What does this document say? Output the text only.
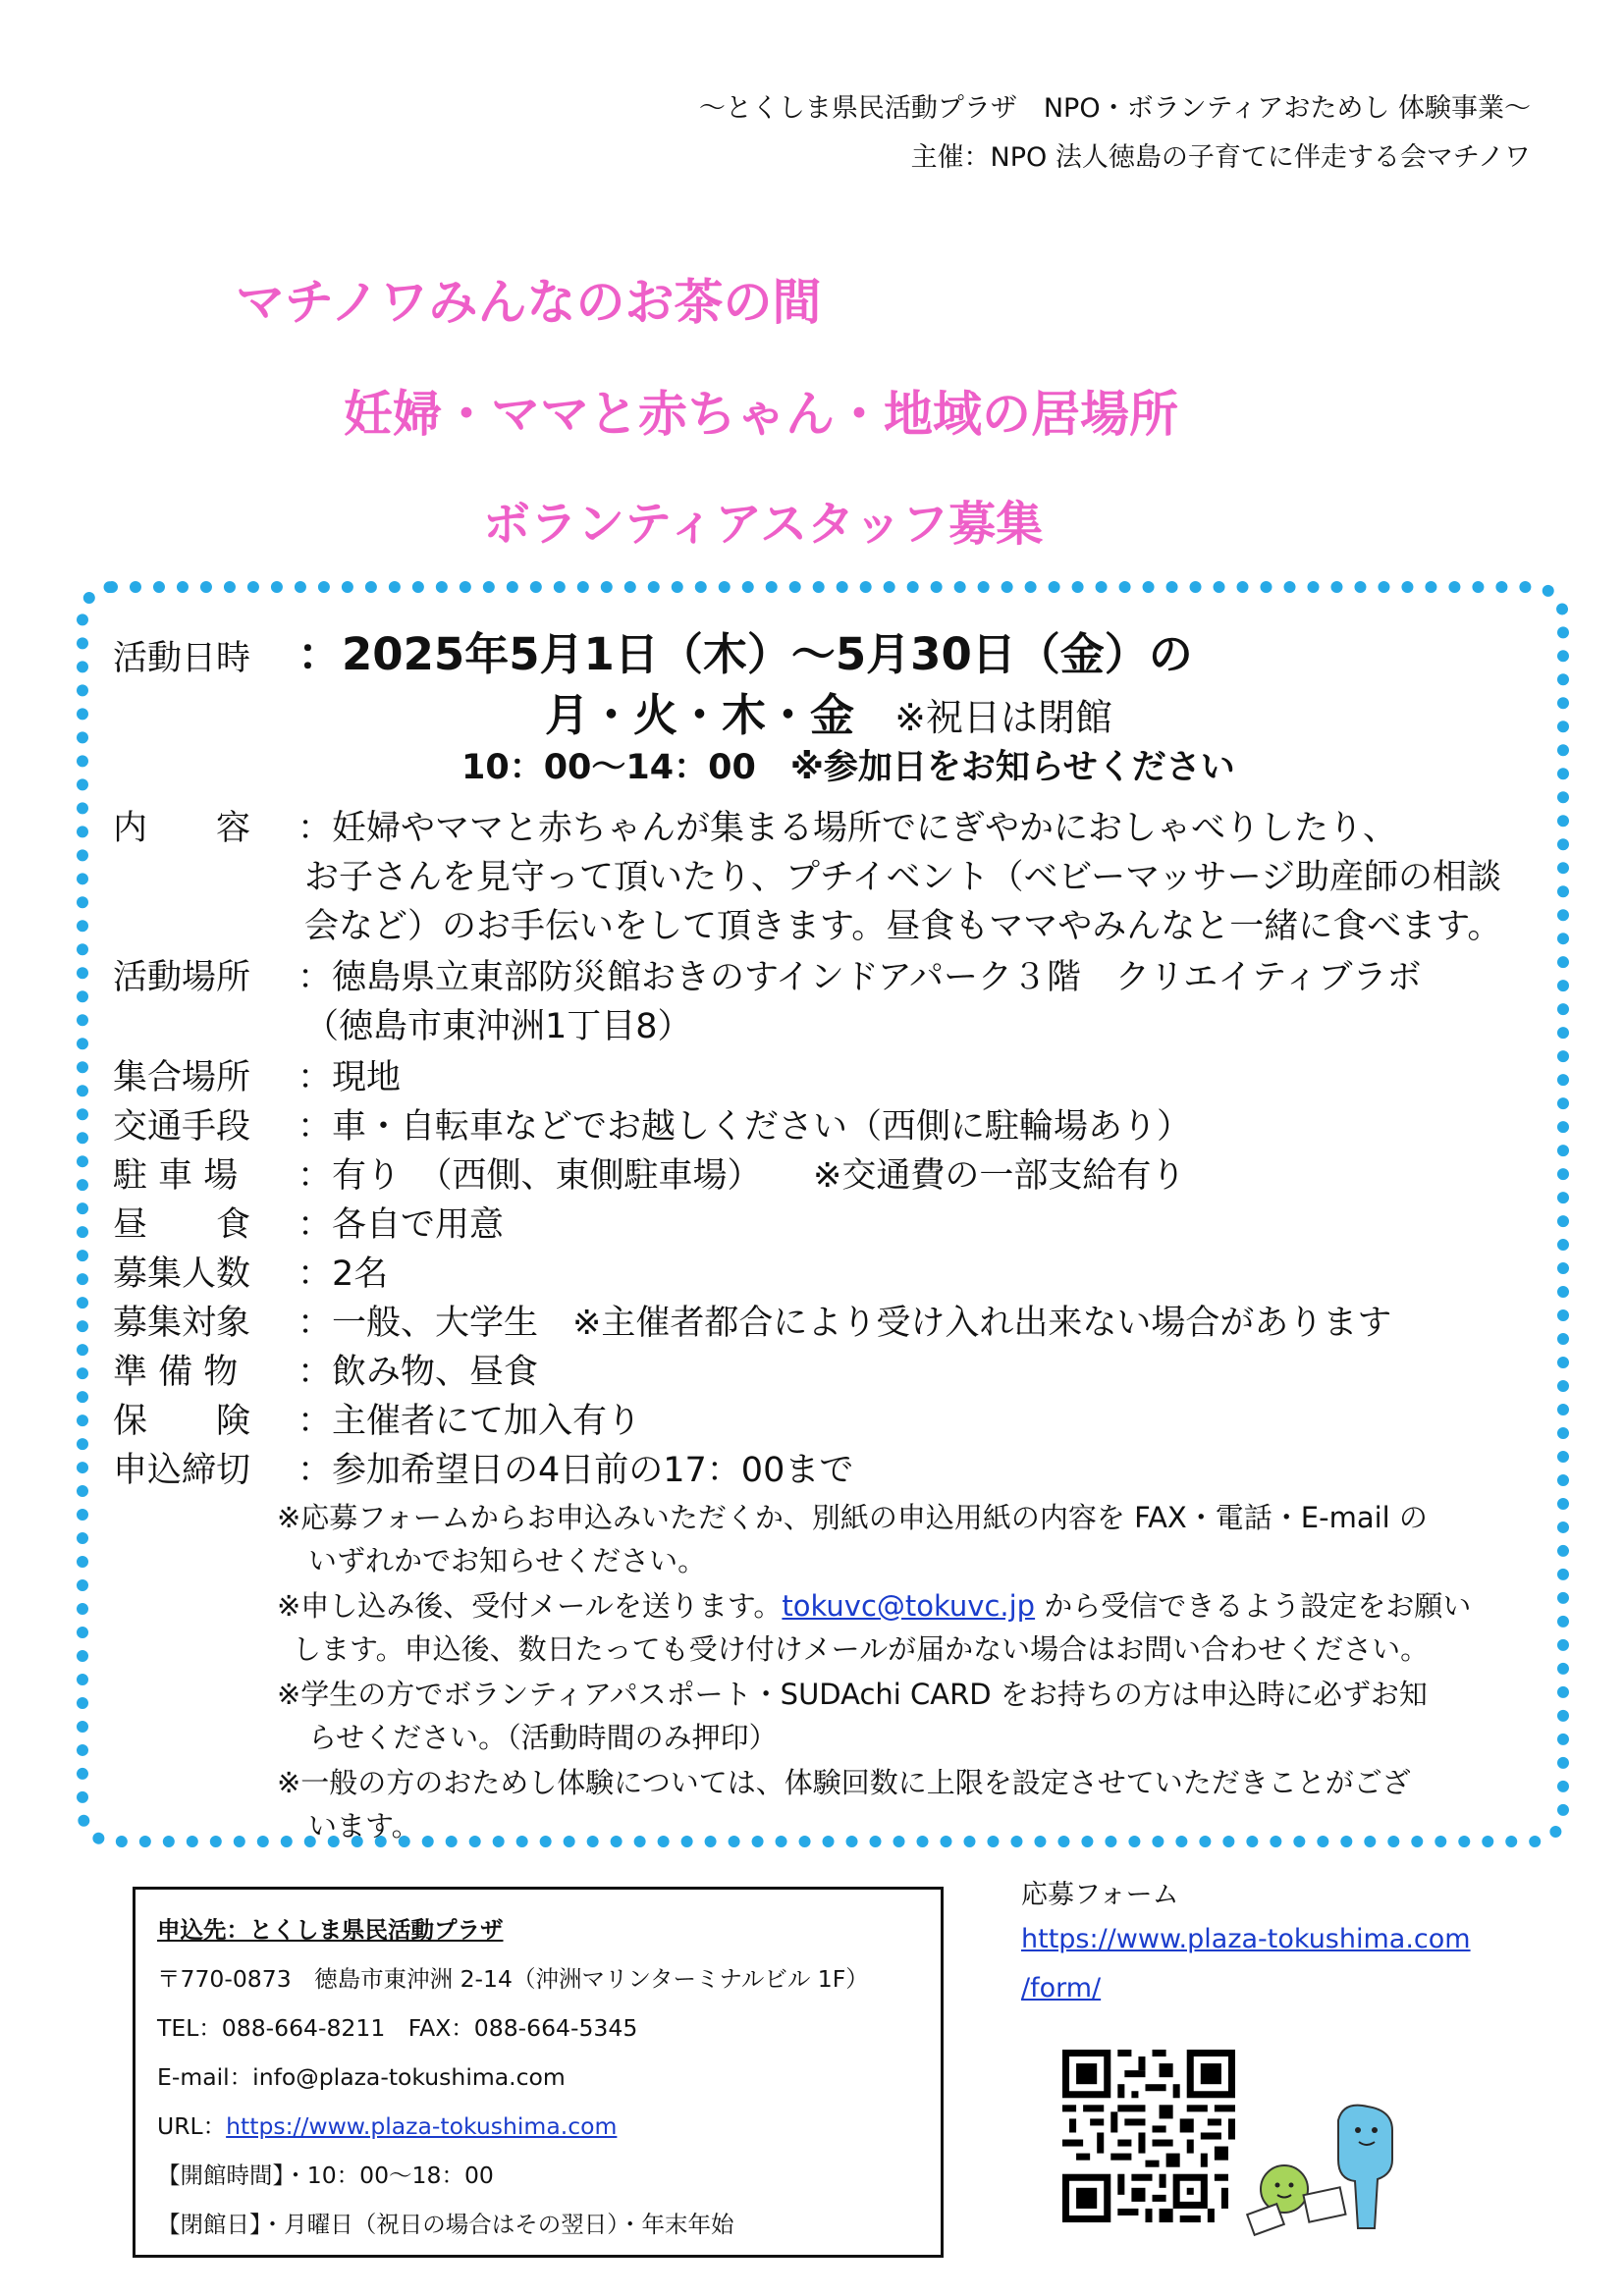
～とくしま県民活動プラザ　NPO・ボランティアおためし 体験事業～
主催：NPO 法人徳島の子育てに伴走する会マチノワ
マチノワみんなのお茶の間
妊婦・ママと赤ちゃん・地域の居場所
ボランティアスタッフ募集
活動日時 ：2025年5月1日（木）～5月30日（金）の
月・火・木・金 ※祝日は閉館
10：00～14：00　※参加日をお知らせください
内　　容 ：妊婦やママと赤ちゃんが集まる場所でにぎやかにおしゃべりしたり、
お子さんを見守って頂いたり、プチイベント（ベビーマッサージ助産師の相談
会など）のお手伝いをして頂きます。昼食もママやみんなと一緒に食べます。
活動場所 ：徳島県立東部防災館おきのすインドアパーク３階　クリエイティブラボ
（徳島市東沖洲1丁目8）
集合場所 ：現地
交通手段 ：車・自転車などでお越しください（西側に駐輪場あり）
駐 車 場 ：有り　（西側、東側駐車場）　　※交通費の一部支給有り
昼　　食 ：各自で用意
募集人数 ：2名
募集対象 ：一般、大学生　※主催者都合により受け入れ出来ない場合があります
準 備 物 ：飲み物、昼食
保　　険 ：主催者にて加入有り
申込締切 ：参加希望日の4日前の17：00まで
※応募フォームからお申込みいただくか、別紙の申込用紙の内容を FAX・電話・E-mail の
いずれかでお知らせください。
※申し込み後、受付メールを送ります。tokuvc@tokuvc.jp から受信できるよう設定をお願い
します。申込後、数日たっても受け付けメールが届かない場合はお問い合わせください。
※学生の方でボランティアパスポート・SUDAchi CARD をお持ちの方は申込時に必ずお知
らせください。（活動時間のみ押印）
※一般の方のおためし体験については、体験回数に上限を設定させていただきことがござ
います。
申込先：とくしま県民活動プラザ
〒770-0873　徳島市東沖洲 2-14（沖洲マリンターミナルビル 1F）
TEL：088-664-8211　FAX：088-664-5345
E-mail：info@plaza-tokushima.com
URL：https://www.plaza-tokushima.com
【開館時間】・10：00～18：00
【閉館日】・月曜日（祝日の場合はその翌日）・年末年始
応募フォーム
https://www.plaza-tokushima.com
/form/
